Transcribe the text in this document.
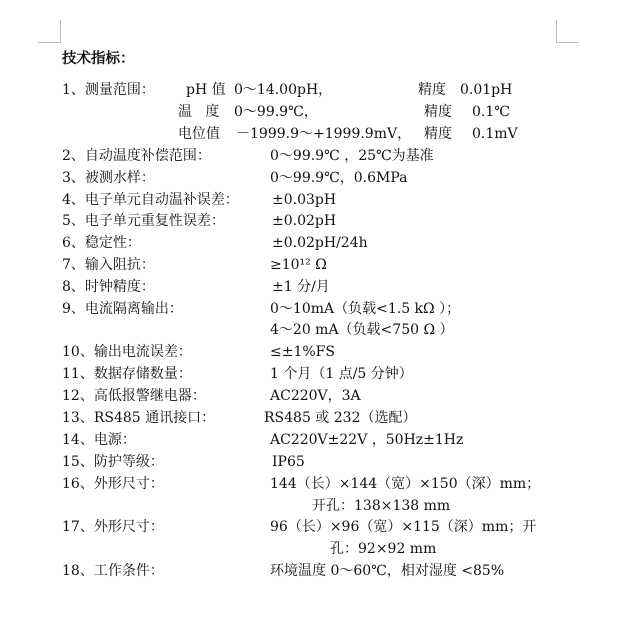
技术指标：
1、测量范围： pH 值 0～14.00pH，	精度 0.01pH
温   度 0～99.9℃，	精度 0.1℃
电位值 －1999.9～+1999.9mV， 精度 0.1mV
2、自动温度补偿范围：	0～99.9℃ ，25℃为基准
3、被测水样：	0～99.9℃，0.6MPa
4、电子单元自动温补误差： ±0.03pH
5、电子单元重复性误差：	±0.02pH
6、稳定性：	±0.02pH/24h
7、输入阻抗：	≥10¹² Ω
8、时钟精度：	±1 分/月
9、电流隔离输出：	0～10mA（负载<1.5 kΩ ）；
4～20 mA（负载<750 Ω ）
10、输出电流误差：	≤±1%FS
11、数据存储数量：	1 个月（1 点/5 分钟）
12、高低报警继电器：	AC220V，3A
13、RS485 通讯接口：	RS485 或 232（选配）
14、电源：	AC220V±22V ，50Hz±1Hz
15、防护等级：	IP65
16、外形尺寸：	144（长）×144（宽）×150（深）mm；
开孔：138×138 mm
17、外形尺寸：	96（长）×96（宽）×115（深）mm；开
孔：92×92 mm
18、工作条件：	环境温度 0～60℃，相对湿度 <85%
